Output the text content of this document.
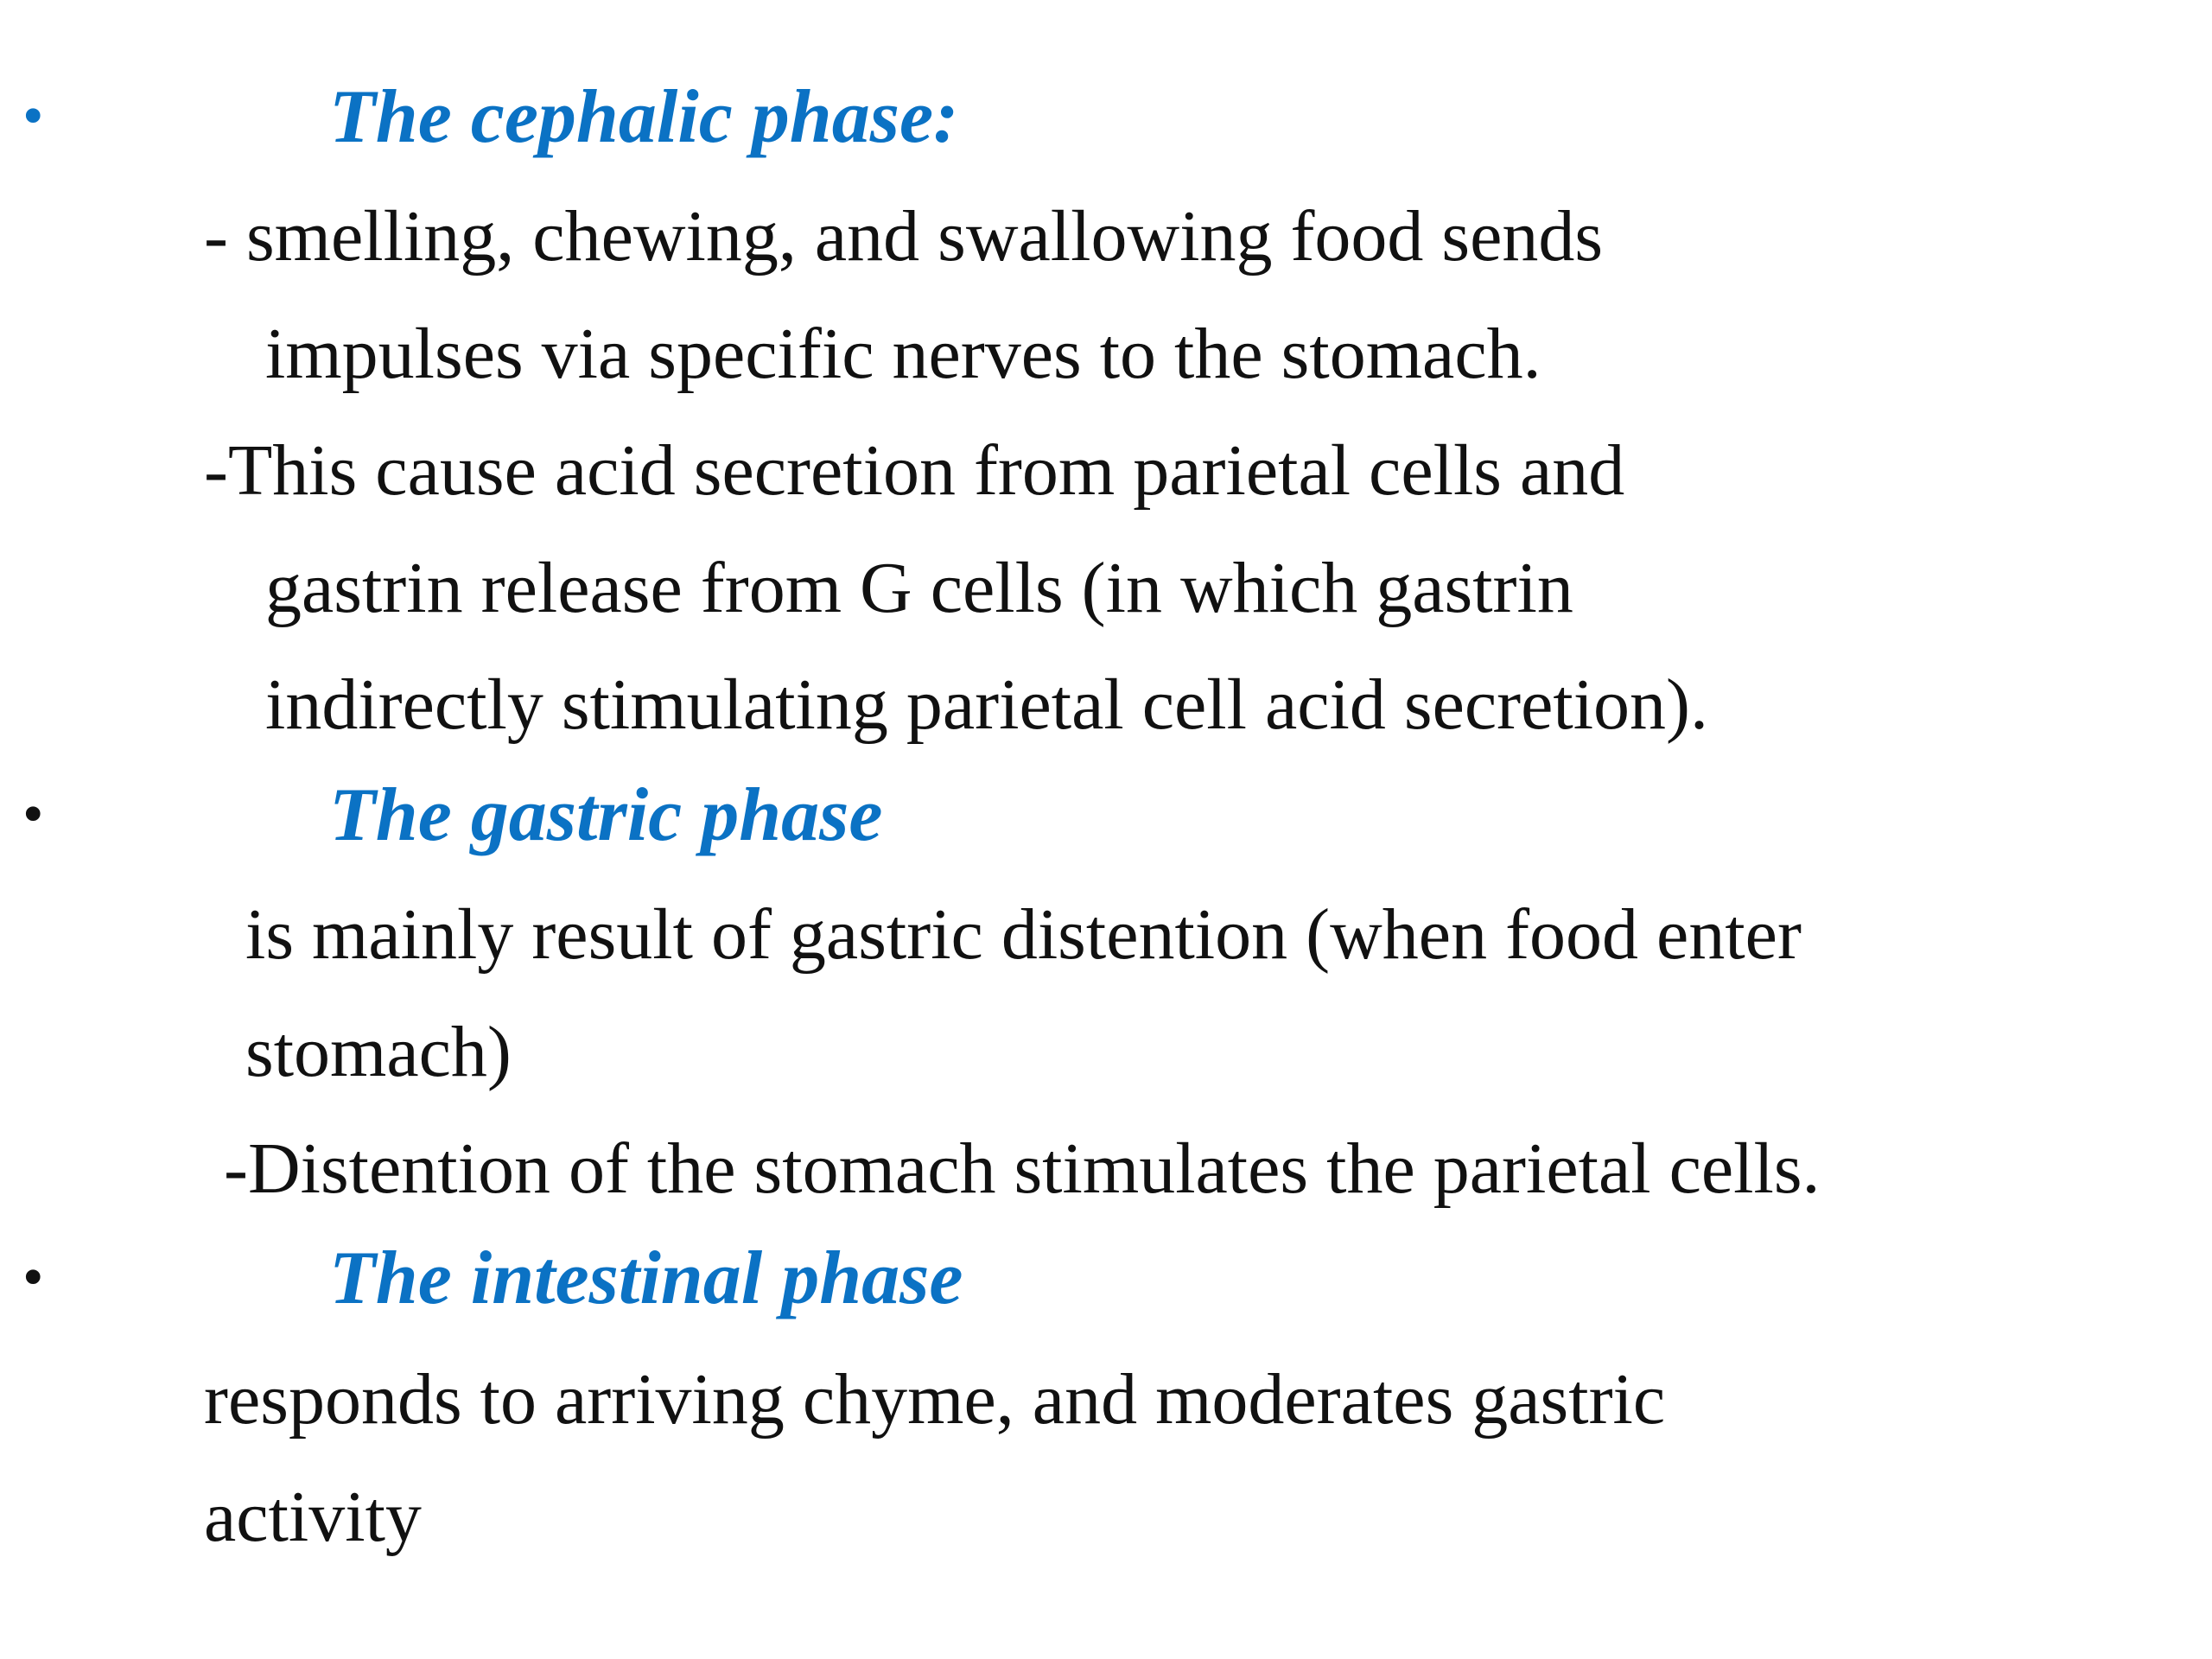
•	The cephalic phase:
- smelling, chewing, and swallowing food sends
impulses via specific nerves to the stomach.
-This cause acid secretion from parietal cells and
gastrin release from G cells (in which gastrin
indirectly stimulating parietal cell acid secretion).
•	The gastric phase
is mainly result of gastric distention (when food enter
stomach)
-Distention of the stomach stimulates the parietal cells.
•	The intestinal phase
responds to arriving chyme, and moderates gastric
activity
